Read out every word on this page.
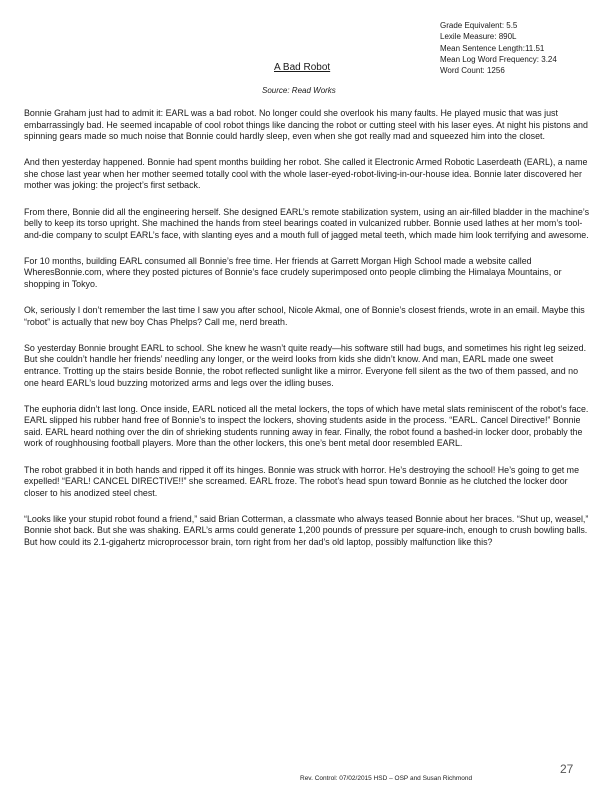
A Bad Robot
Source: Read Works
Grade Equivalent: 5.5
Lexile Measure: 890L
Mean Sentence Length:11.51
Mean Log Word Frequency: 3.24
Word Count: 1256

Bonnie Graham just had to admit it: EARL was a bad robot. No longer could she overlook his many faults. He played music that was just embarrassingly bad. He seemed incapable of cool robot things like dancing the robot or cutting steel with his laser eyes. At night his pistons and spinning gears made so much noise that Bonnie could hardly sleep, even when she got really mad and squeezed him into the closet.

And then yesterday happened. Bonnie had spent months building her robot. She called it Electronic Armed Robotic Laserdeath (EARL), a name she chose last year when her mother seemed totally cool with the whole laser-eyed-robot-living-in-our-house idea. Bonnie later discovered her mother was joking: the project’s first setback.

From there, Bonnie did all the engineering herself. She designed EARL’s remote stabilization system, using an air-filled bladder in the machine’s belly to keep its torso upright. She machined the hands from steel bearings coated in vulcanized rubber. Bonnie used lathes at her mom’s tool-and-die company to sculpt EARL’s face, with slanting eyes and a mouth full of jagged metal teeth, which made him look terrifying and awesome.

For 10 months, building EARL consumed all Bonnie’s free time. Her friends at Garrett Morgan High School made a website called WheresBonnie.com, where they posted pictures of Bonnie’s face crudely superimposed onto people climbing the Himalaya Mountains, or shopping in Tokyo.

Ok, seriously I don’t remember the last time I saw you after school, Nicole Akmal, one of Bonnie’s closest friends, wrote in an email. Maybe this “robot” is actually that new boy Chas Phelps? Call me, nerd breath.

So yesterday Bonnie brought EARL to school. She knew he wasn’t quite ready—his software still had bugs, and sometimes his right leg seized. But she couldn’t handle her friends’ needling any longer, or the weird looks from kids she didn’t know. And man, EARL made one sweet entrance. Trotting up the stairs beside Bonnie, the robot reflected sunlight like a mirror. Everyone fell silent as the two of them passed, and no one heard EARL’s loud buzzing motorized arms and legs over the idling buses.

The euphoria didn’t last long. Once inside, EARL noticed all the metal lockers, the tops of which have metal slats reminiscent of the robot’s face. EARL slipped his rubber hand free of Bonnie’s to inspect the lockers, shoving students aside in the process. “EARL. Cancel Directive!” Bonnie said. EARL heard nothing over the din of shrieking students running away in fear. Finally, the robot found a bashed-in locker door, probably the work of roughhousing football players. More than the other lockers, this one’s bent metal door resembled EARL.

The robot grabbed it in both hands and ripped it off its hinges. Bonnie was struck with horror. He’s destroying the school! He’s going to get me expelled! “EARL! CANCEL DIRECTIVE!!” she screamed. EARL froze. The robot’s head spun toward Bonnie as he clutched the locker door closer to his anodized steel chest.

“Looks like your stupid robot found a friend,” said Brian Cotterman, a classmate who always teased Bonnie about her braces. “Shut up, weasel,” Bonnie shot back. But she was shaking. EARL’s arms could generate 1,200 pounds of pressure per square-inch, enough to crush bowling balls. But how could its 2.1-gigahertz microprocessor brain, torn right from her dad’s old laptop, possibly malfunction like this?

Rev. Control: 07/02/2015 HSD – OSP and Susan Richmond
27
